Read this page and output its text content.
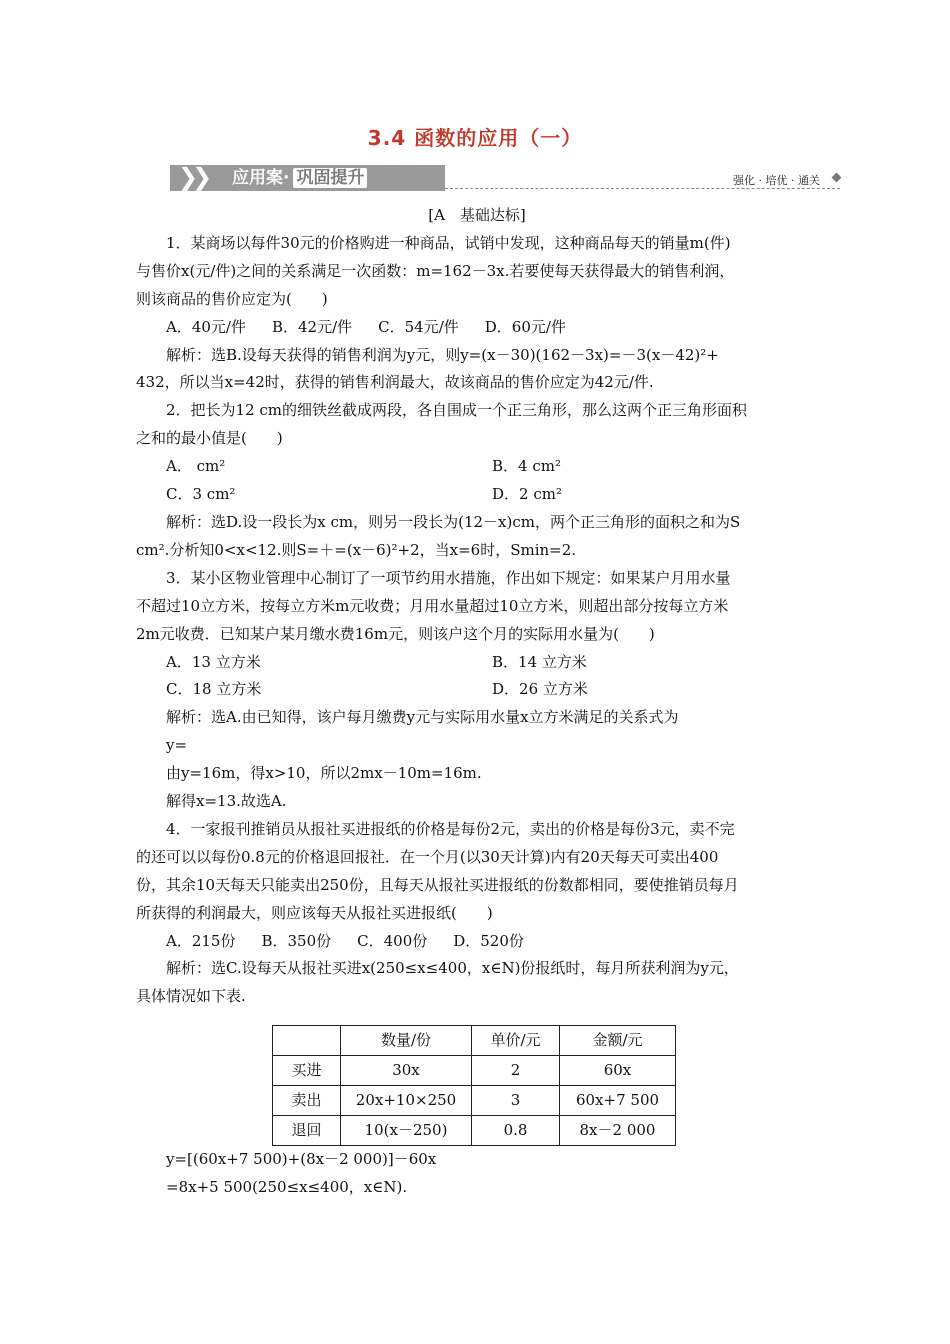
3.4 函数的应用（一）
❯❯ 应用案· 巩固提升	强化 · 培优 · 通关

[A　基础达标]

1．某商场以每件30元的价格购进一种商品，试销中发现，这种商品每天的销量m(件)

与售价x(元/件)之间的关系满足一次函数：m=162－3x.若要使每天获得最大的销售利润，

则该商品的售价应定为(　　)

A．40元/件 B．42元/件 C．54元/件 D．60元/件

解析：选B.设每天获得的销售利润为y元，则y=(x－30)(162－3x)=－3(x－42)²+

432，所以当x=42时，获得的销售利润最大，故该商品的售价应定为42元/件.

2．把长为12 cm的细铁丝截成两段，各自围成一个正三角形，那么这两个正三角形面积

之和的最小值是(　　)

A． cm²	B．4 cm²
C．3 cm²	D．2 cm²

解析：选D.设一段长为x cm，则另一段长为(12－x)cm，两个正三角形的面积之和为S

cm².分析知0<x<12.则S=＋=(x－6)²+2，当x=6时，Smin=2.

3．某小区物业管理中心制订了一项节约用水措施，作出如下规定：如果某户月用水量

不超过10立方米，按每立方米m元收费；月用水量超过10立方米，则超出部分按每立方米

2m元收费．已知某户某月缴水费16m元，则该户这个月的实际用水量为(　　)

A．13 立方米	B．14 立方米
C．18 立方米	D．26 立方米

解析：选A.由已知得，该户每月缴费y元与实际用水量x立方米满足的关系式为

y=

由y=16m，得x>10，所以2mx－10m=16m.

解得x=13.故选A.

4．一家报刊推销员从报社买进报纸的价格是每份2元，卖出的价格是每份3元，卖不完

的还可以以每份0.8元的价格退回报社．在一个月(以30天计算)内有20天每天可卖出400

份，其余10天每天只能卖出250份，且每天从报社买进报纸的份数都相同，要使推销员每月

所获得的利润最大，则应该每天从报社买进报纸(　　)

A．215份 B．350份 C．400份 D．520份

解析：选C.设每天从报社买进x(250≤x≤400，x∈N)份报纸时，每月所获利润为y元，

具体情况如下表.

	数量/份	单价/元	金额/元
买进	30x	2	60x
卖出	20x+10×250	3	60x+7 500
退回	10(x－250)	0.8	8x－2 000

y=[(60x+7 500)+(8x－2 000)]－60x

=8x+5 500(250≤x≤400，x∈N).
